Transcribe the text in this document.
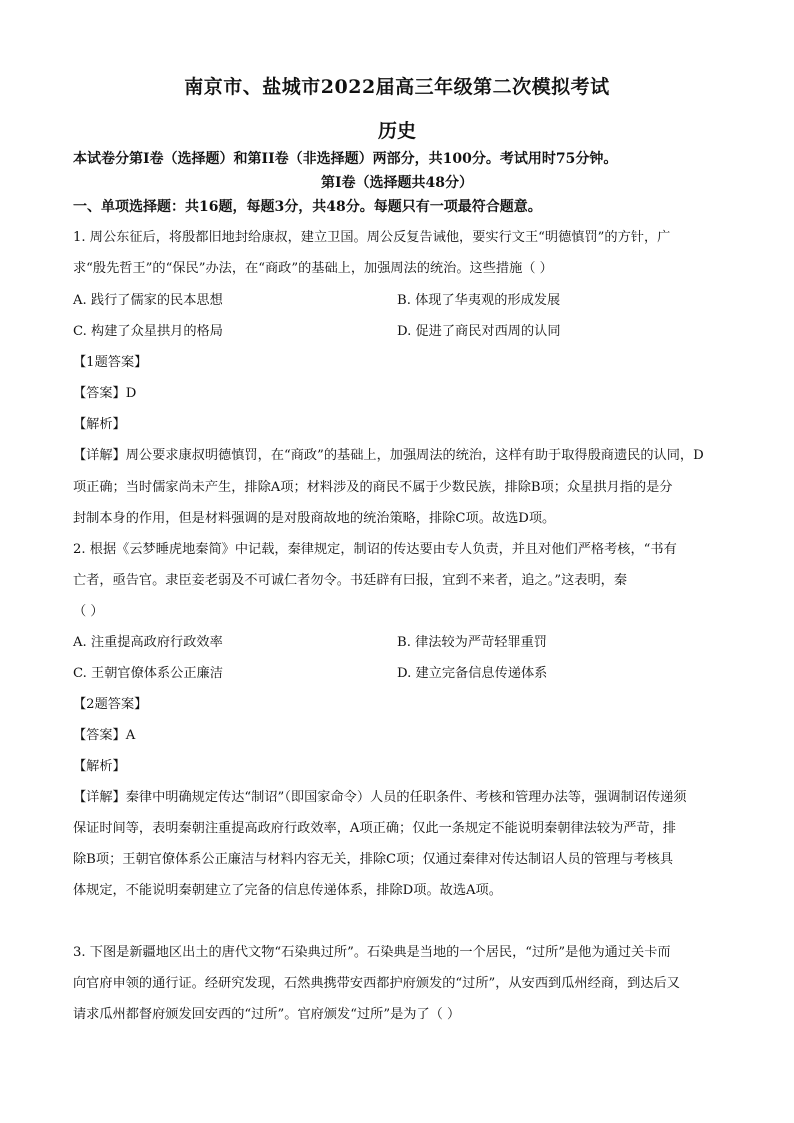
南京市、盐城市2022届高三年级第二次模拟考试
历史
本试卷分第I卷（选择题）和第II卷（非选择题）两部分，共100分。考试用时75分钟。
第I卷（选择题共48分）
一、单项选择题：共16题，每题3分，共48分。每题只有一项最符合题意。
1. 周公东征后，将殷都旧地封给康叔，建立卫国。周公反复告诫他，要实行文王“明德慎罚”的方针，广
求“殷先哲王”的“保民”办法，在“商政”的基础上，加强周法的统治。这些措施（ ）
A. 践行了儒家的民本思想	B. 体现了华夷观的形成发展
C. 构建了众星拱月的格局	D. 促进了商民对西周的认同
【1题答案】
【答案】D
【解析】
【详解】周公要求康叔明德慎罚，在“商政”的基础上，加强周法的统治，这样有助于取得殷商遗民的认同，D
项正确；当时儒家尚未产生，排除A项；材料涉及的商民不属于少数民族，排除B项；众星拱月指的是分
封制本身的作用，但是材料强调的是对殷商故地的统治策略，排除C项。故选D项。
2. 根据《云梦睡虎地秦简》中记载，秦律规定，制诏的传达要由专人负责，并且对他们严格考核，“书有
亡者，亟告官。隶臣妾老弱及不可诚仁者勿令。书廷辟有曰报，宜到不来者，追之。”这表明，秦
（ ）
A. 注重提高政府行政效率	B. 律法较为严苛轻罪重罚
C. 王朝官僚体系公正廉洁	D. 建立完备信息传递体系
【2题答案】
【答案】A
【解析】
【详解】秦律中明确规定传达“制诏”（即国家命令）人员的任职条件、考核和管理办法等，强调制诏传递须
保证时间等，表明秦朝注重提高政府行政效率，A项正确；仅此一条规定不能说明秦朝律法较为严苛，排
除B项；王朝官僚体系公正廉洁与材料内容无关，排除C项；仅通过秦律对传达制诏人员的管理与考核具
体规定，不能说明秦朝建立了完备的信息传递体系，排除D项。故选A项。
3. 下图是新疆地区出土的唐代文物“石染典过所”。石染典是当地的一个居民，“过所”是他为通过关卡而
向官府申领的通行证。经研究发现，石然典携带安西都护府颁发的“过所”，从安西到瓜州经商，到达后又
请求瓜州都督府颁发回安西的“过所”。官府颁发“过所”是为了（ ）
